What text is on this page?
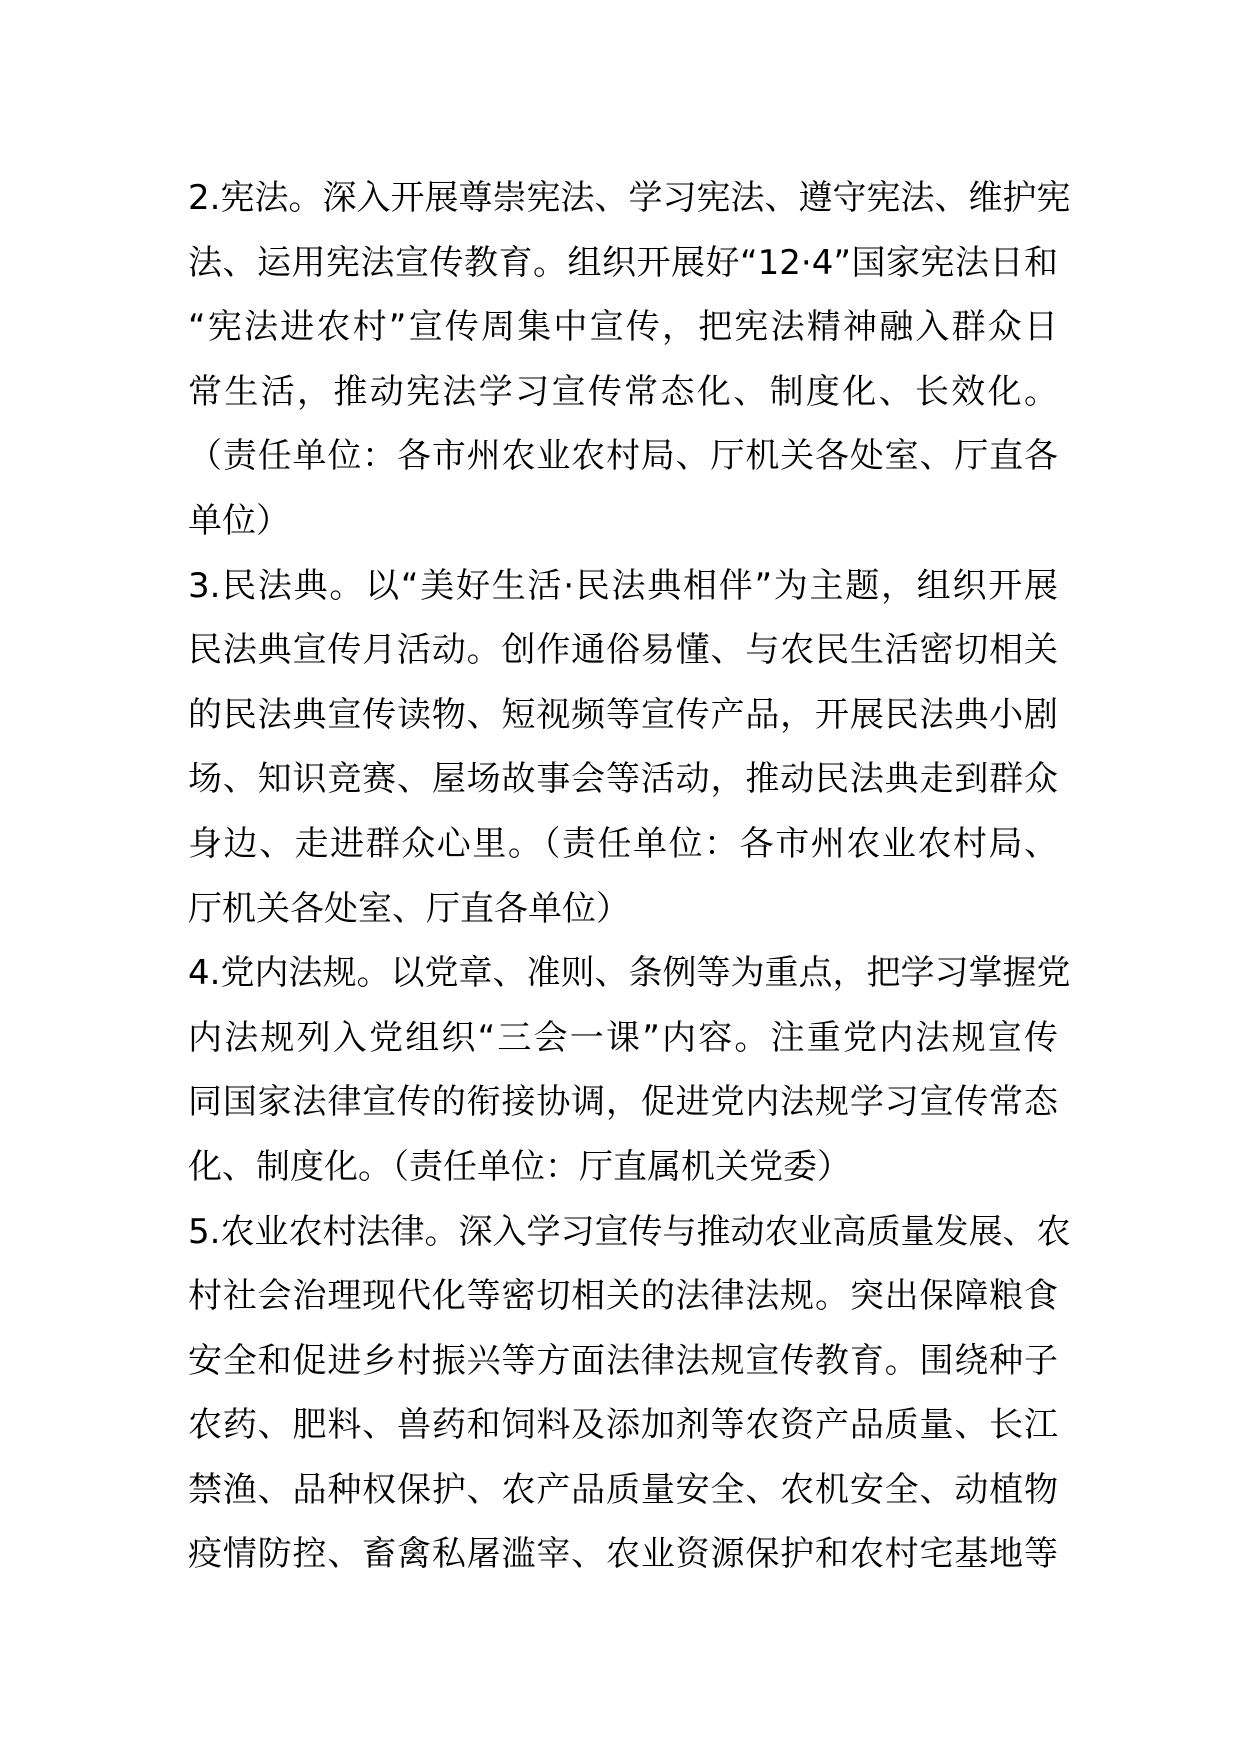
2.宪法。深入开展尊崇宪法、学习宪法、遵守宪法、维护宪
法、运用宪法宣传教育。组织开展好“12·4”国家宪法日和
“宪法进农村”宣传周集中宣传，把宪法精神融入群众日
常生活，推动宪法学习宣传常态化、制度化、长效化。
（责任单位：各市州农业农村局、厅机关各处室、厅直各
单位）
3.民法典。以“美好生活·民法典相伴”为主题，组织开展
民法典宣传月活动。创作通俗易懂、与农民生活密切相关
的民法典宣传读物、短视频等宣传产品，开展民法典小剧
场、知识竞赛、屋场故事会等活动，推动民法典走到群众
身边、走进群众心里。（责任单位：各市州农业农村局、
厅机关各处室、厅直各单位）
4.党内法规。以党章、准则、条例等为重点，把学习掌握党
内法规列入党组织“三会一课”内容。注重党内法规宣传
同国家法律宣传的衔接协调，促进党内法规学习宣传常态
化、制度化。（责任单位：厅直属机关党委）
5.农业农村法律。深入学习宣传与推动农业高质量发展、农
村社会治理现代化等密切相关的法律法规。突出保障粮食
安全和促进乡村振兴等方面法律法规宣传教育。围绕种子
农药、肥料、兽药和饲料及添加剂等农资产品质量、长江
禁渔、品种权保护、农产品质量安全、农机安全、动植物
疫情防控、畜禽私屠滥宰、农业资源保护和农村宅基地等
